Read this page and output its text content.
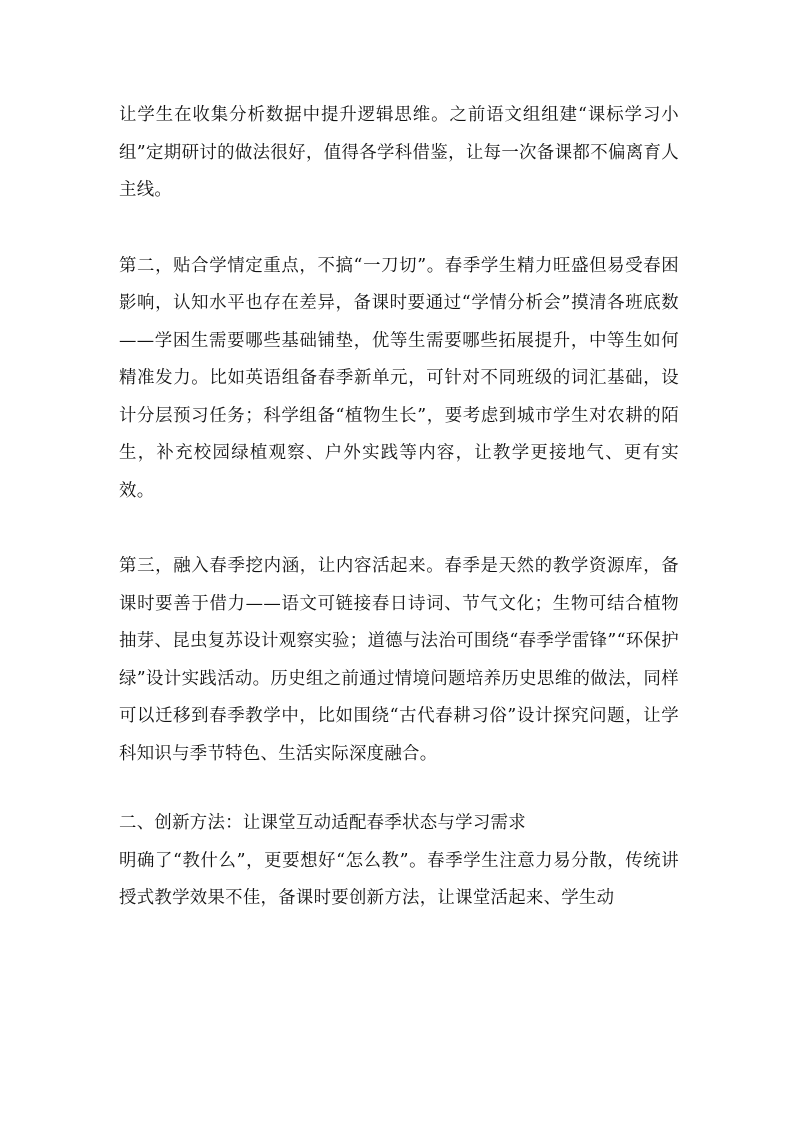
让学生在收集分析数据中提升逻辑思维。之前语文组组建“课标学习小组”定期研讨的做法很好，值得各学科借鉴，让每一次备课都不偏离育人主线。

第二，贴合学情定重点，不搞“一刀切”。春季学生精力旺盛但易受春困影响，认知水平也存在差异，备课时要通过“学情分析会”摸清各班底数——学困生需要哪些基础铺垫，优等生需要哪些拓展提升，中等生如何精准发力。比如英语组备春季新单元，可针对不同班级的词汇基础，设计分层预习任务；科学组备“植物生长”，要考虑到城市学生对农耕的陌生，补充校园绿植观察、户外实践等内容，让教学更接地气、更有实效。

第三，融入春季挖内涵，让内容活起来。春季是天然的教学资源库，备课时要善于借力——语文可链接春日诗词、节气文化；生物可结合植物抽芽、昆虫复苏设计观察实验；道德与法治可围绕“春季学雷锋”“环保护绿”设计实践活动。历史组之前通过情境问题培养历史思维的做法，同样可以迁移到春季教学中，比如围绕“古代春耕习俗”设计探究问题，让学科知识与季节特色、生活实际深度融合。

二、创新方法：让课堂互动适配春季状态与学习需求

明确了“教什么”，更要想好“怎么教”。春季学生注意力易分散，传统讲授式教学效果不佳，备课时要创新方法，让课堂活起来、学生动
